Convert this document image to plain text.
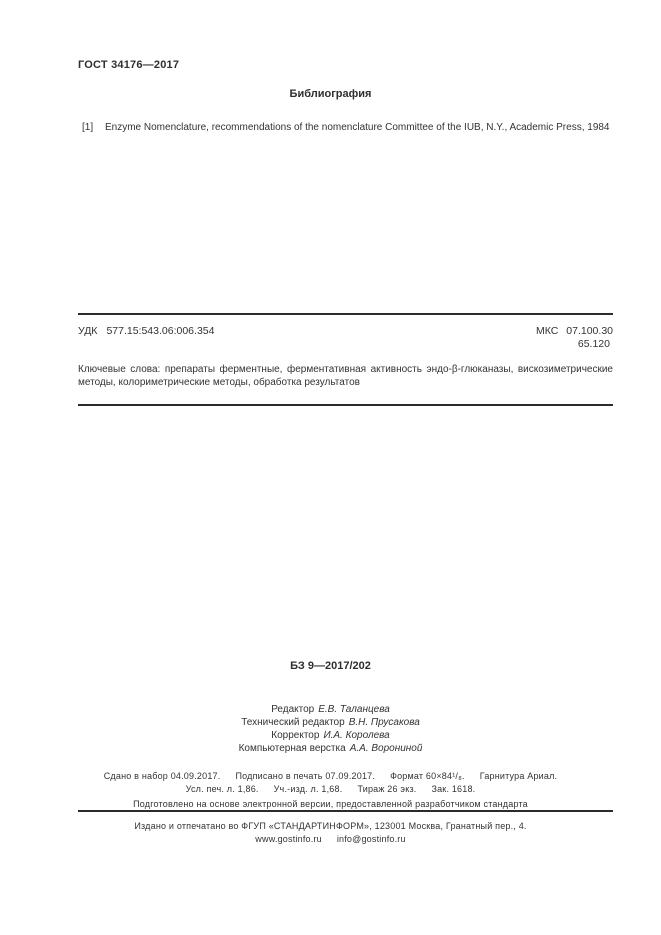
ГОСТ 34176—2017
Библиография
[1]	Enzyme Nomenclature, recommendations of the nomenclature Committee of the IUB, N.Y., Academic Press, 1984
УДК 577.15:543.06:006.354	МКС 07.100.30
65.120
Ключевые слова: препараты ферментные, ферментативная активность эндо-β-глюканазы, вискозиметрические методы, колориметрические методы, обработка результатов
БЗ 9—2017/202
Редактор Е.В. Таланцева
Технический редактор В.Н. Прусакова
Корректор И.А. Королева
Компьютерная верстка А.А. Ворониной
Сдано в набор 04.09.2017. Подписано в печать 07.09.2017. Формат 60×84¹/₈. Гарнитура Ариал.
Усл. печ. л. 1,86. Уч.-изд. л. 1,68. Тираж 26 экз. Зак. 1618.
Подготовлено на основе электронной версии, предоставленной разработчиком стандарта
Издано и отпечатано во ФГУП «СТАНДАРТИНФОРМ», 123001 Москва, Гранатный пер., 4.
www.gostinfo.ru info@gostinfo.ru
